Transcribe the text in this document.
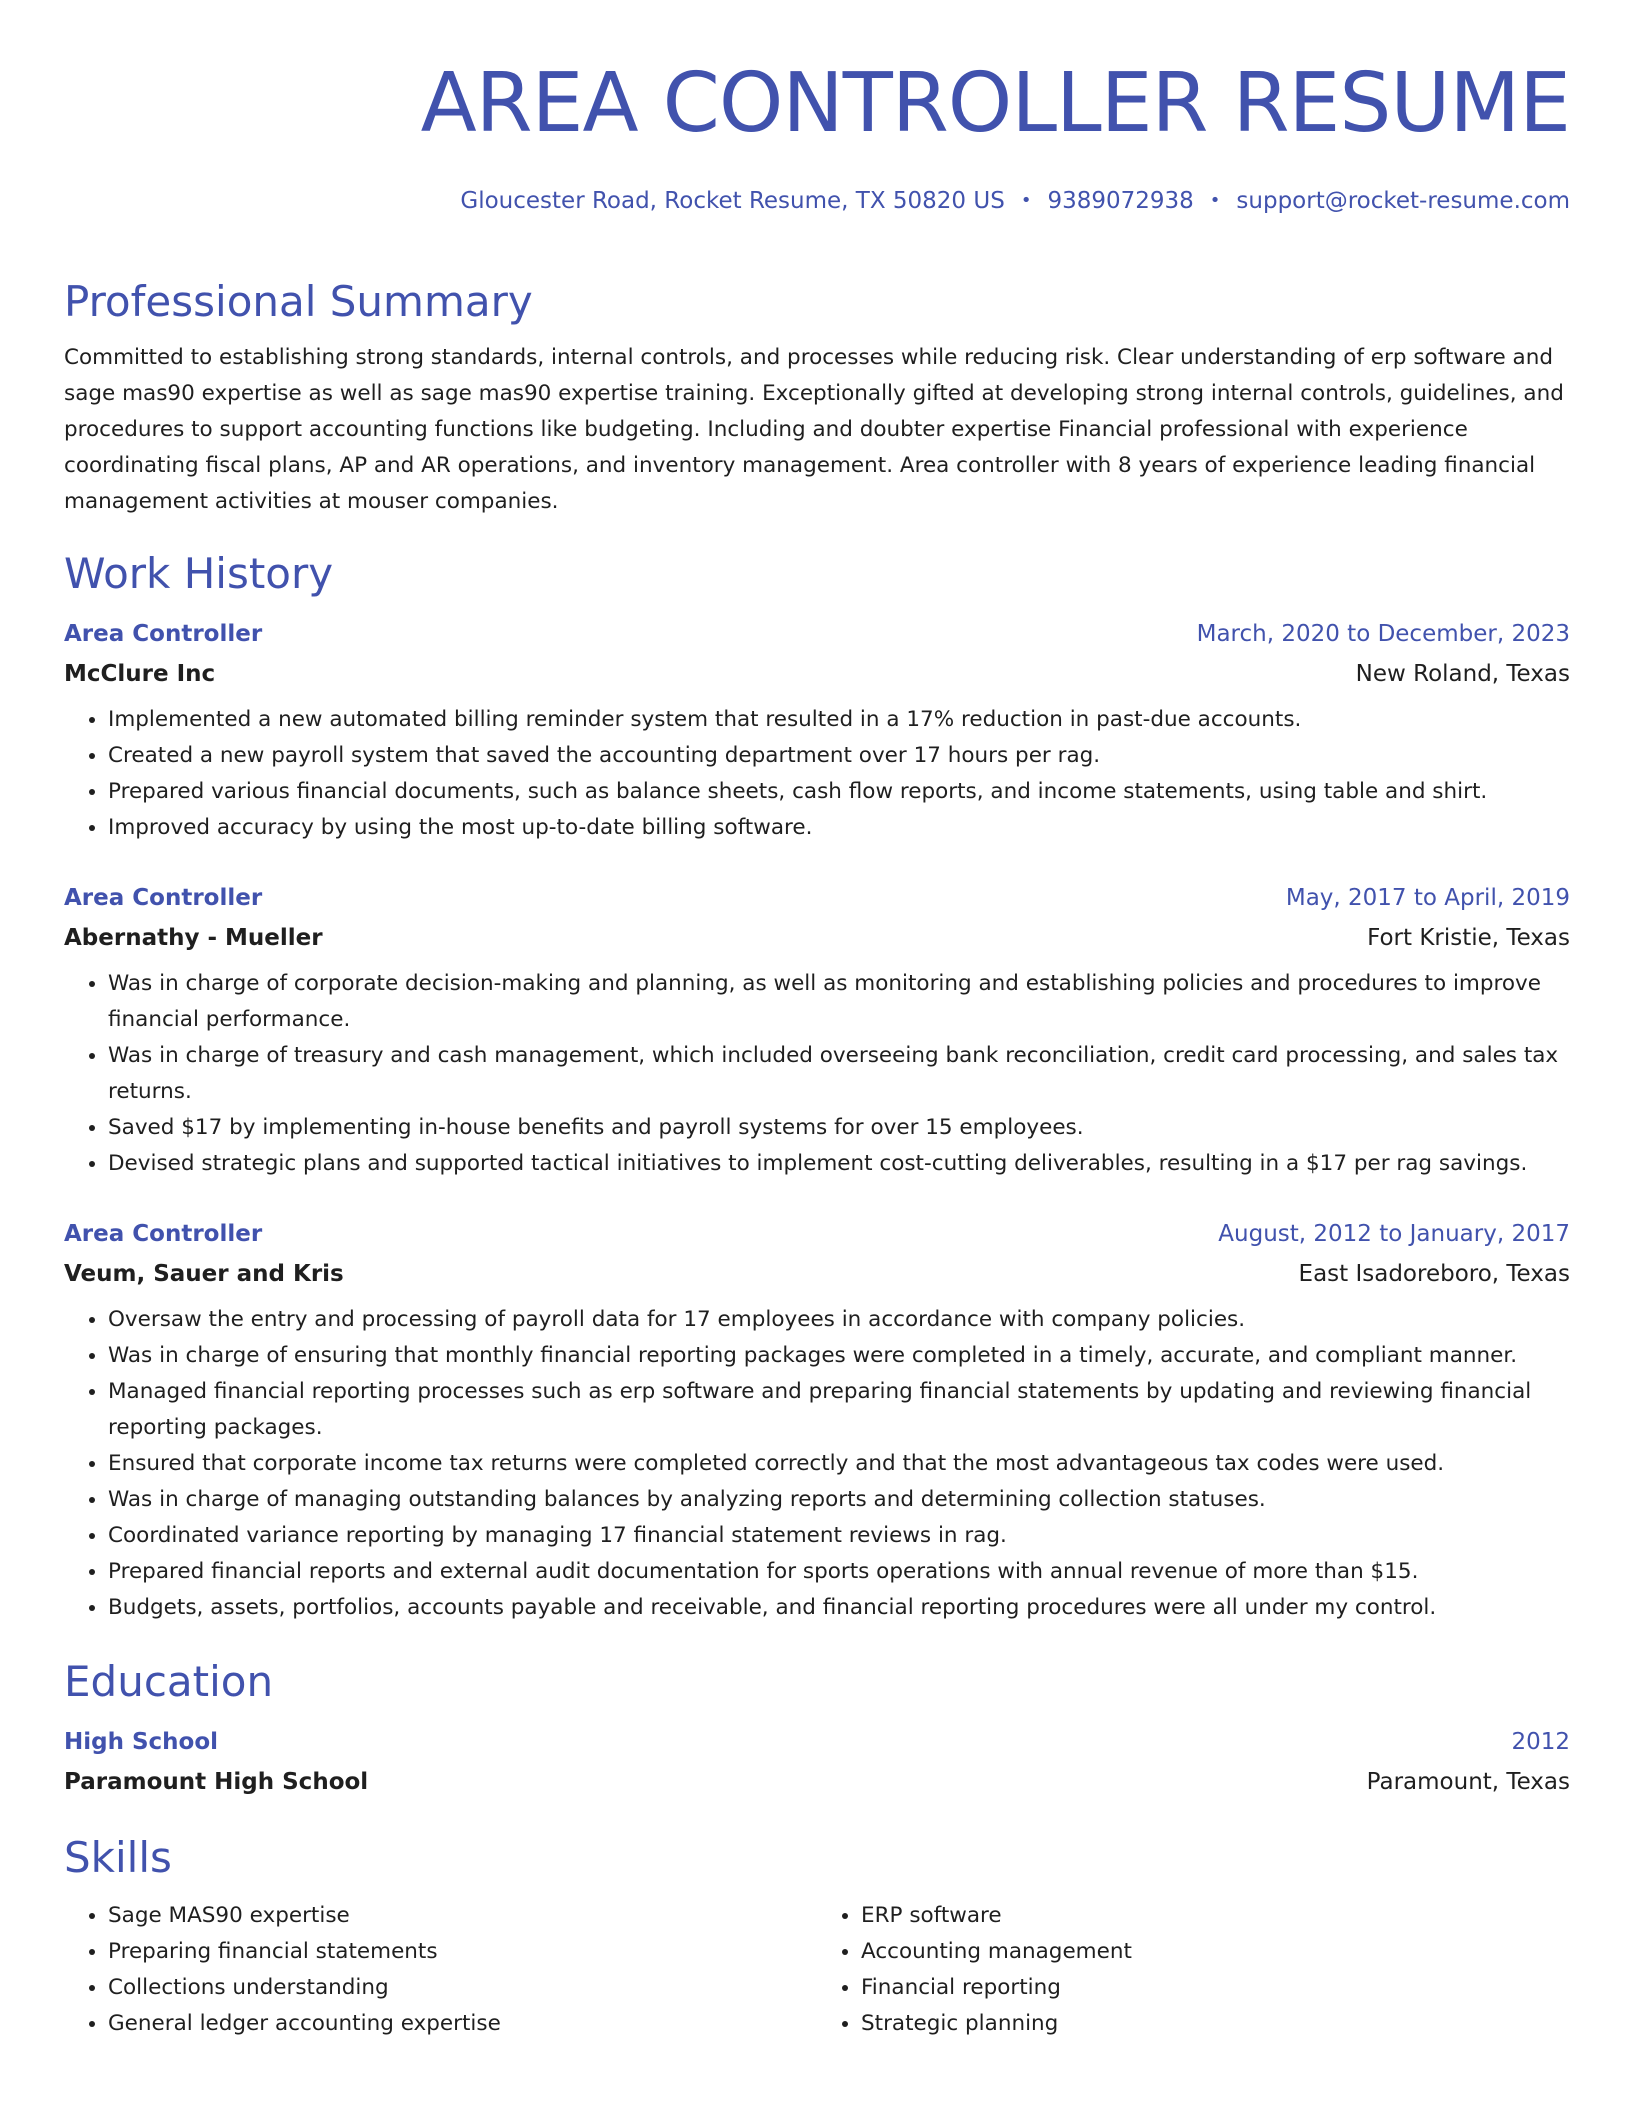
AREA CONTROLLER RESUME
Gloucester Road, Rocket Resume, TX 50820 US • 9389072938 • support@rocket-resume.com
Professional Summary
Committed to establishing strong standards, internal controls, and processes while reducing risk. Clear understanding of erp software and sage mas90 expertise as well as sage mas90 expertise training. Exceptionally gifted at developing strong internal controls, guidelines, and procedures to support accounting functions like budgeting. Including and doubter expertise Financial professional with experience coordinating fiscal plans, AP and AR operations, and inventory management. Area controller with 8 years of experience leading financial management activities at mouser companies.
Work History
Area Controller	March, 2020 to December, 2023
McClure Inc	New Roland, Texas
• Implemented a new automated billing reminder system that resulted in a 17% reduction in past-due accounts.
• Created a new payroll system that saved the accounting department over 17 hours per rag.
• Prepared various financial documents, such as balance sheets, cash flow reports, and income statements, using table and shirt.
• Improved accuracy by using the most up-to-date billing software.
Area Controller	May, 2017 to April, 2019
Abernathy - Mueller	Fort Kristie, Texas
• Was in charge of corporate decision-making and planning, as well as monitoring and establishing policies and procedures to improve financial performance.
• Was in charge of treasury and cash management, which included overseeing bank reconciliation, credit card processing, and sales tax returns.
• Saved $17 by implementing in-house benefits and payroll systems for over 15 employees.
• Devised strategic plans and supported tactical initiatives to implement cost-cutting deliverables, resulting in a $17 per rag savings.
Area Controller	August, 2012 to January, 2017
Veum, Sauer and Kris	East Isadoreboro, Texas
• Oversaw the entry and processing of payroll data for 17 employees in accordance with company policies.
• Was in charge of ensuring that monthly financial reporting packages were completed in a timely, accurate, and compliant manner.
• Managed financial reporting processes such as erp software and preparing financial statements by updating and reviewing financial reporting packages.
• Ensured that corporate income tax returns were completed correctly and that the most advantageous tax codes were used.
• Was in charge of managing outstanding balances by analyzing reports and determining collection statuses.
• Coordinated variance reporting by managing 17 financial statement reviews in rag.
• Prepared financial reports and external audit documentation for sports operations with annual revenue of more than $15.
• Budgets, assets, portfolios, accounts payable and receivable, and financial reporting procedures were all under my control.
Education
High School	2012
Paramount High School	Paramount, Texas
Skills
• Sage MAS90 expertise
• Preparing financial statements
• Collections understanding
• General ledger accounting expertise
• ERP software
• Accounting management
• Financial reporting
• Strategic planning
